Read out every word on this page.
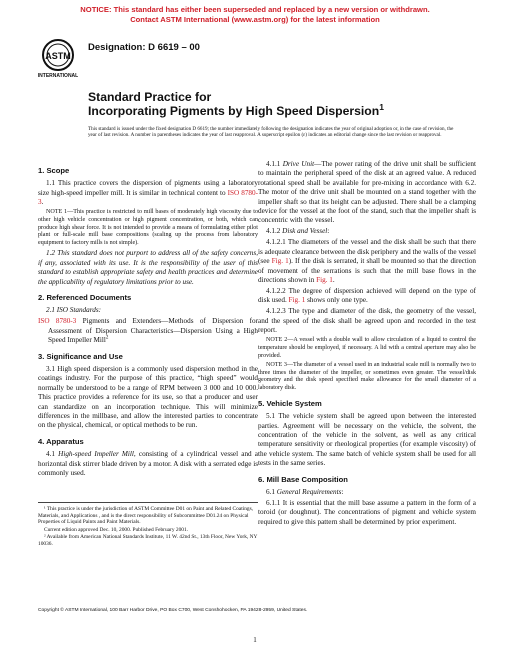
NOTICE: This standard has either been superseded and replaced by a new version or withdrawn.
Contact ASTM International (www.astm.org) for the latest information
ASTM
INTERNATIONAL
Designation: D 6619 – 00
Standard Practice for
Incorporating Pigments by High Speed Dispersion$^1$
This standard is issued under the fixed designation D 6619; the number immediately following the designation indicates the year of original adoption or, in the case of revision, the year of last revision. A number in parentheses indicates the year of last reapproval. A superscript epsilon (ε) indicates an editorial change since the last revision or reapproval.
1. Scope

1.1 This practice covers the dispersion of pigments using a laboratory size high-speed impeller mill. It is similar in technical content to ISO 8780-3.

NOTE 1—This practice is restricted to mill bases of moderately high viscosity due to other high vehicle concentration or high pigment concentration, or both, which can produce high shear force. It is not intended to provide a means of formulating either pilot plant or full-scale mill base compositions (scaling up the process from laboratory equipment to factory mills is not simple).

1.2 This standard does not purport to address all of the safety concerns, if any, associated with its use. It is the responsibility of the user of this standard to establish appropriate safety and health practices and determine the applicability of regulatory limitations prior to use.

2. Referenced Documents

2.1 ISO Standards:

ISO 8780-3 Pigments and Extenders—Methods of Dispersion for Assessment of Dispersion Characteristics—Dispersion Using a High Speed Impeller Mill$^2$

3. Significance and Use

3.1 High speed dispersion is a commonly used dispersion method in the coatings industry. For the purpose of this practice, “high speed” would normally be understood to be a range of RPM between 3 000 and 10 000. This practice provides a reference for its use, so that a producer and user can standardize on an incorporation technique. This will minimize differences in the millbase, and allow the interested parties to concentrate on the physical, chemical, or optical methods to be run.

4. Apparatus

4.1 High-speed Impeller Mill, consisting of a cylindrical vessel and a horizontal disk stirrer blade driven by a motor. A disk with a serrated edge is commonly used.

¹ This practice is under the jurisdiction of ASTM Committee D01 on Paint and Related Coatings, Materials, and Applications , and is the direct responsibility of Subcommittee D01.24 on Physical Properties of Liquid Paints and Paint Materials.

Current edition approved Dec. 10, 2000. Published February 2001.

² Available from American National Standards Institute, 11 W. 42nd St., 13th Floor, New York, NY 10036.

4.1.1 Drive Unit—The power rating of the drive unit shall be sufficient to maintain the peripheral speed of the disk at an agreed value. A reduced rotational speed shall be available for pre-mixing in accordance with 6.2. The motor of the drive unit shall be mounted on a stand together with the impeller shaft so that its height can be adjusted. There shall be a clamping device for the vessel at the foot of the stand, such that the impeller shaft is concentric with the vessel.

4.1.2 Disk and Vessel:

4.1.2.1 The diameters of the vessel and the disk shall be such that there is adequate clearance between the disk periphery and the walls of the vessel (see Fig. 1). If the disk is serrated, it shall be mounted so that the direction of movement of the serrations is such that the mill base flows in the directions shown in Fig. 1.

4.1.2.2 The degree of dispersion achieved will depend on the type of disk used. Fig. 1 shows only one type.

4.1.2.3 The type and diameter of the disk, the geometry of the vessel, and the speed of the disk shall be agreed upon and recorded in the test report.

NOTE 2—A vessel with a double wall to allow circulation of a liquid to control the temperature should be employed, if necessary. A lid with a central aperture may also be provided.

NOTE 3—The diameter of a vessel used in an industrial scale mill is normally two to three times the diameter of the impeller, or sometimes even greater. The vessel/disk geometry and the disk speed specified make allowance for the small diameter of a laboratory disk.

5. Vehicle System

5.1 The vehicle system shall be agreed upon between the interested parties. Agreement will be necessary on the vehicle, the solvent, the concentration of the vehicle in the solvent, as well as any critical temperature sensitivity or rheological properties (for example viscosity) of the vehicle system. The same batch of vehicle system shall be used for all tests in the same series.

6. Mill Base Composition

6.1 General Requirements:

6.1.1 It is essential that the mill base assume a pattern in the form of a toroid (or doughnut). The concentrations of pigment and vehicle system required to give this pattern shall be determined by prior experiment.

Copyright © ASTM International, 100 Barr Harbor Drive, PO Box C700, West Conshohocken, PA 19428-2959, United States.
1
